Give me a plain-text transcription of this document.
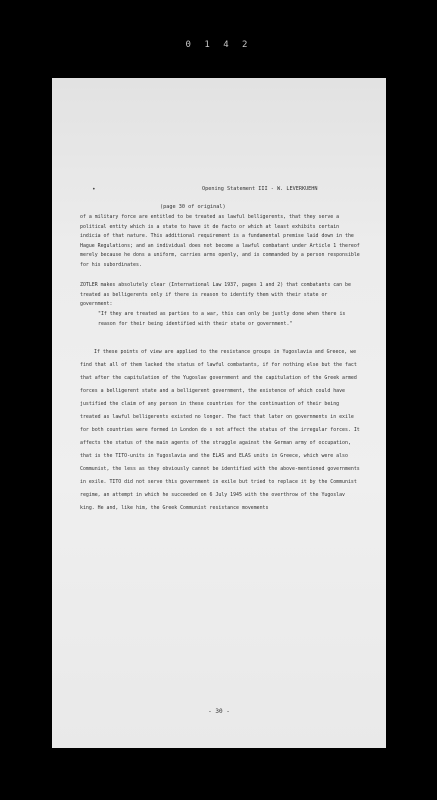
0 1 4 2
•	Opening Statement III - W. LEVERKUEHN
(page 30 of original)

of a military force are entitled to be treated as lawful belligerents, that they serve a political entity which is a state to have it de facto or which at least exhibits certain indicia of that nature. This additional requirement is a fundamental premise laid down in the Hague Regulations; and an individual does not become a lawful combatant under Article 1 thereof merely because he dons a uniform, carries arms openly, and is commanded by a person responsible for his subordinates.

ZOTLER makes absolutely clear (International Law 1937, pages 1 and 2) that combatants can be treated as belligerents only if there is reason to identify them with their state or government:

"If they are treated as parties to a war, this can only be justly done when there is reason for their being identified with their state or government."

If these points of view are applied to the resistance groups in Yugoslavia and Greece, we find that all of them lacked the status of lawful combatants, if for nothing else but the fact that after the capitulation of the Yugoslav government and the capitulation of the Greek armed forces a belligerent state and a belligerent government, the existence of which could have justified the claim of any person in these countries for the continuation of their being treated as lawful belligerents existed no longer. The fact that later on governments in exile for both countries were formed in London do s not affect the status of the irregular forces. It affects the status of the main agents of the struggle against the German army of occupation, that is the TITO-units in Yugoslavia and the ELAS and ELAS units in Greece, which were also Communist, the less as they obviously cannot be identified with the above-mentioned governments in exile. TITO did not serve this government in exile but tried to replace it by the Communist regime, an attempt in which he succeeded on 6 July 1945 with the overthrow of the Yugoslav king. He and, like him, the Greek Communist resistance movements

- 30 -
